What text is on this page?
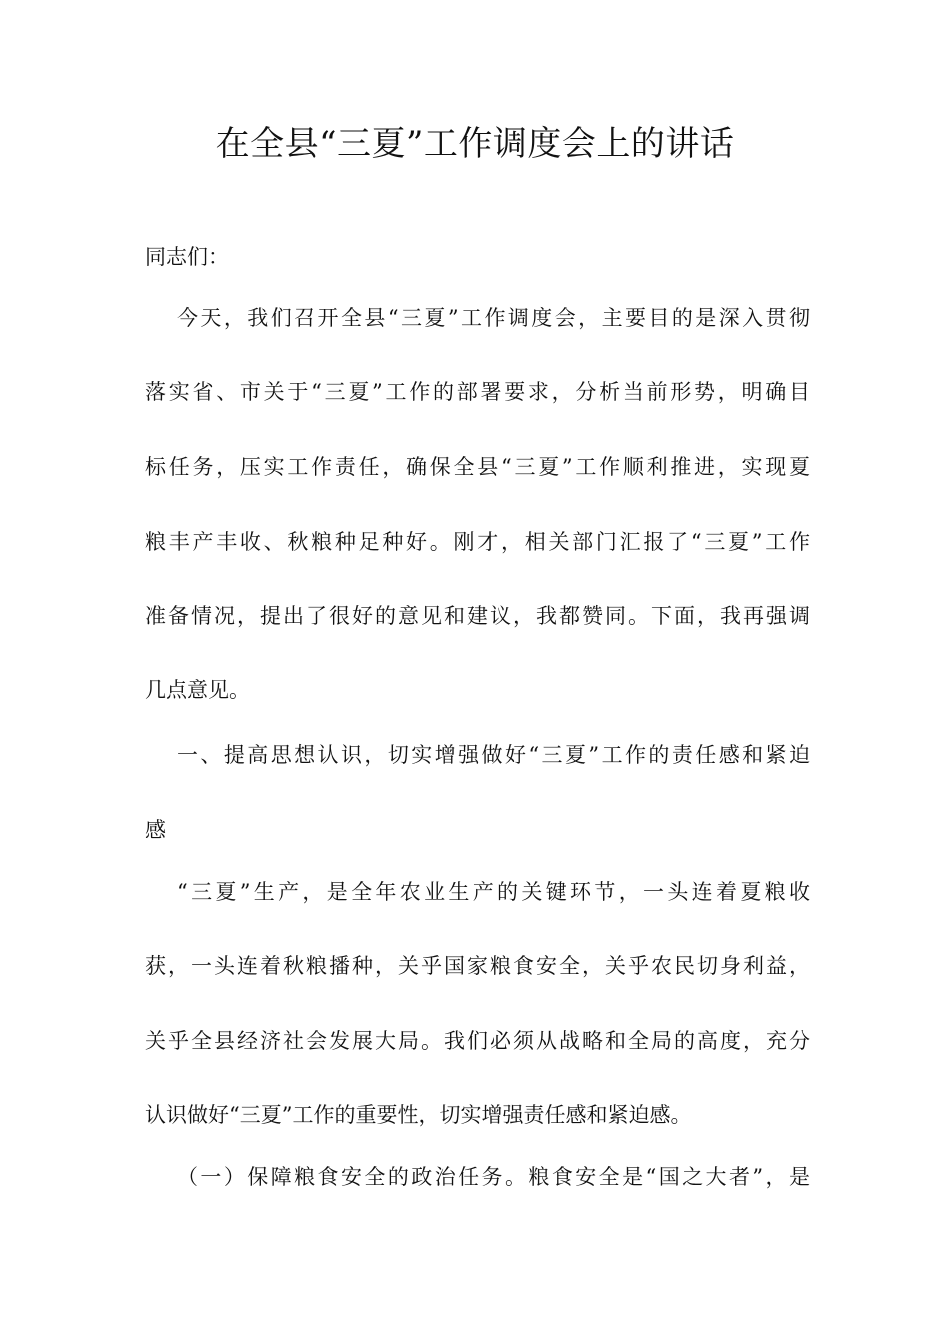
在全县“三夏”工作调度会上的讲话
同志们：
今天，我们召开全县“三夏”工作调度会，主要目的是深入贯彻
落实省、市关于“三夏”工作的部署要求，分析当前形势，明确目
标任务，压实工作责任，确保全县“三夏”工作顺利推进，实现夏
粮丰产丰收、秋粮种足种好。刚才，相关部门汇报了“三夏”工作
准备情况，提出了很好的意见和建议，我都赞同。下面，我再强调
几点意见。
一、提高思想认识，切实增强做好“三夏”工作的责任感和紧迫
感
“三夏”生产，是全年农业生产的关键环节，一头连着夏粮收
获，一头连着秋粮播种，关乎国家粮食安全，关乎农民切身利益，
关乎全县经济社会发展大局。我们必须从战略和全局的高度，充分
认识做好“三夏”工作的重要性，切实增强责任感和紧迫感。
（一）保障粮食安全的政治任务。粮食安全是“国之大者”，是
